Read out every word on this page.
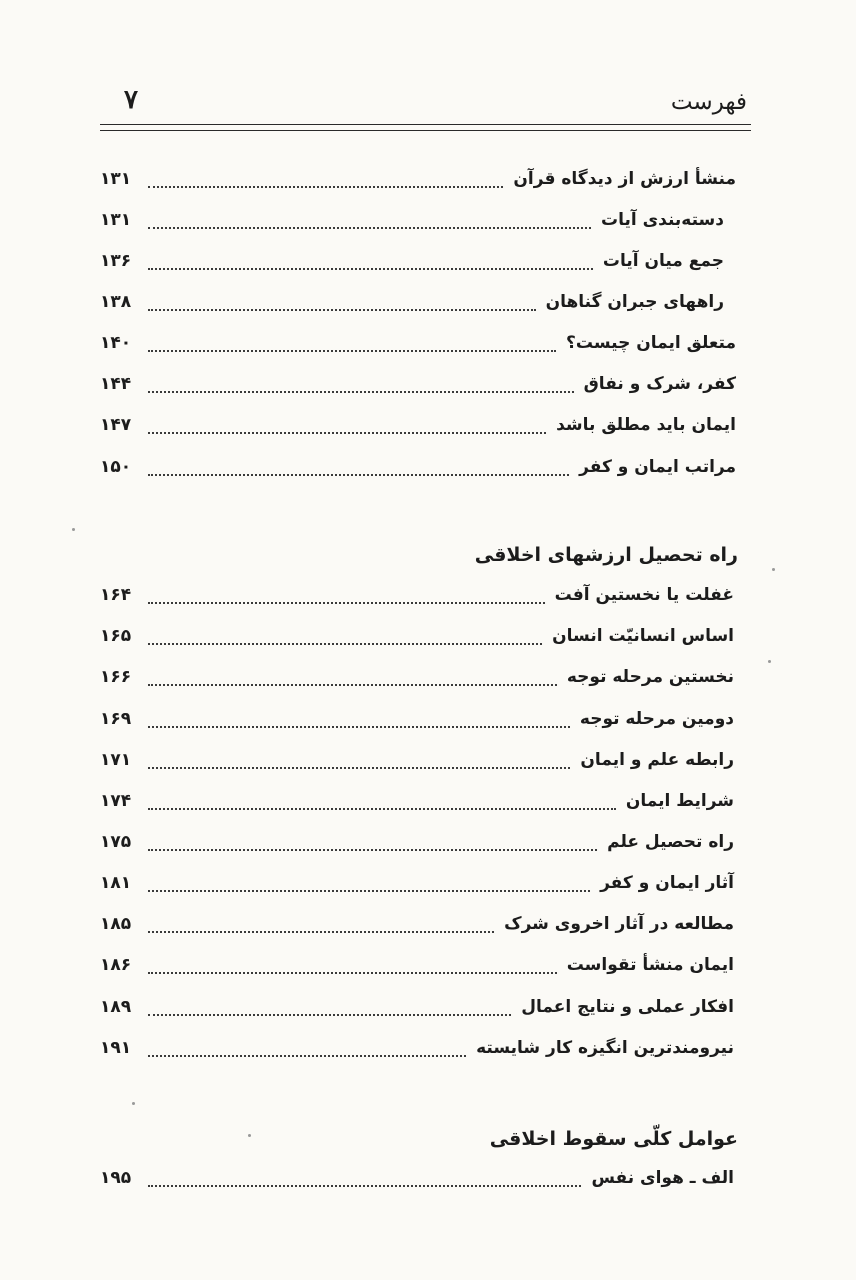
فهرست
۷
منشأ ارزش از دیدگاه قرآن
۱۳۱
دسته‌بندی آیات
۱۳۱
جمع میان آیات
۱۳۶
راههای جبران گناهان
۱۳۸
متعلق ایمان چیست؟
۱۴۰
کفر، شرک و نفاق
۱۴۴
ایمان باید مطلق باشد
۱۴۷
مراتب ایمان و کفر
۱۵۰
راه تحصیل ارزشهای اخلاقی
غفلت یا نخستین آفت
۱۶۴
اساس انسانیّت انسان
۱۶۵
نخستین مرحله توجه
۱۶۶
دومین مرحله توجه
۱۶۹
رابطه علم و ایمان
۱۷۱
شرایط ایمان
۱۷۴
راه تحصیل علم
۱۷۵
آثار ایمان و کفر
۱۸۱
مطالعه در آثار اخروی شرک
۱۸۵
ایمان منشأ تقواست
۱۸۶
افکار عملی و نتایج اعمال
۱۸۹
نیرومندترین انگیزه کار شایسته
۱۹۱
عوامل کلّی سقوط اخلاقی
الف ـ هوای نفس
۱۹۵
